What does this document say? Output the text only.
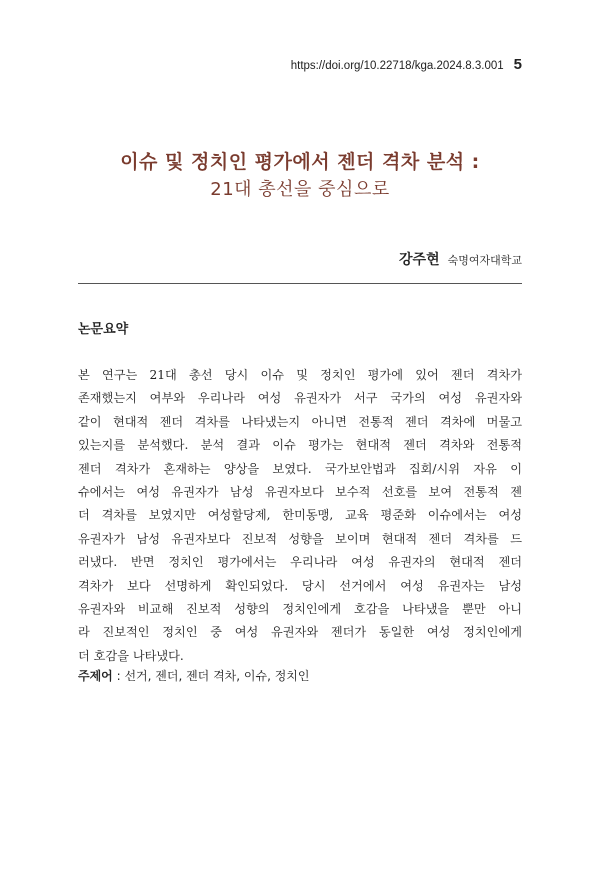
https://doi.org/10.22718/kga.2024.8.3.001 5
이슈 및 정치인 평가에서 젠더 격차 분석 :
21대 총선을 중심으로
강주현 숙명여자대학교
논문요약
본 연구는 21대 총선 당시 이슈 및 정치인 평가에 있어 젠더 격차가
존재했는지 여부와 우리나라 여성 유권자가 서구 국가의 여성 유권자와
같이 현대적 젠더 격차를 나타냈는지 아니면 전통적 젠더 격차에 머물고
있는지를 분석했다. 분석 결과 이슈 평가는 현대적 젠더 격차와 전통적
젠더 격차가 혼재하는 양상을 보였다. 국가보안법과 집회/시위 자유 이
슈에서는 여성 유권자가 남성 유권자보다 보수적 선호를 보여 전통적 젠
더 격차를 보였지만 여성할당제, 한미동맹, 교육 평준화 이슈에서는 여성
유권자가 남성 유권자보다 진보적 성향을 보이며 현대적 젠더 격차를 드
러냈다. 반면 정치인 평가에서는 우리나라 여성 유권자의 현대적 젠더
격차가 보다 선명하게 확인되었다. 당시 선거에서 여성 유권자는 남성
유권자와 비교해 진보적 성향의 정치인에게 호감을 나타냈을 뿐만 아니
라 진보적인 정치인 중 여성 유권자와 젠더가 동일한 여성 정치인에게
더 호감을 나타냈다.
주제어 : 선거, 젠더, 젠더 격차, 이슈, 정치인
